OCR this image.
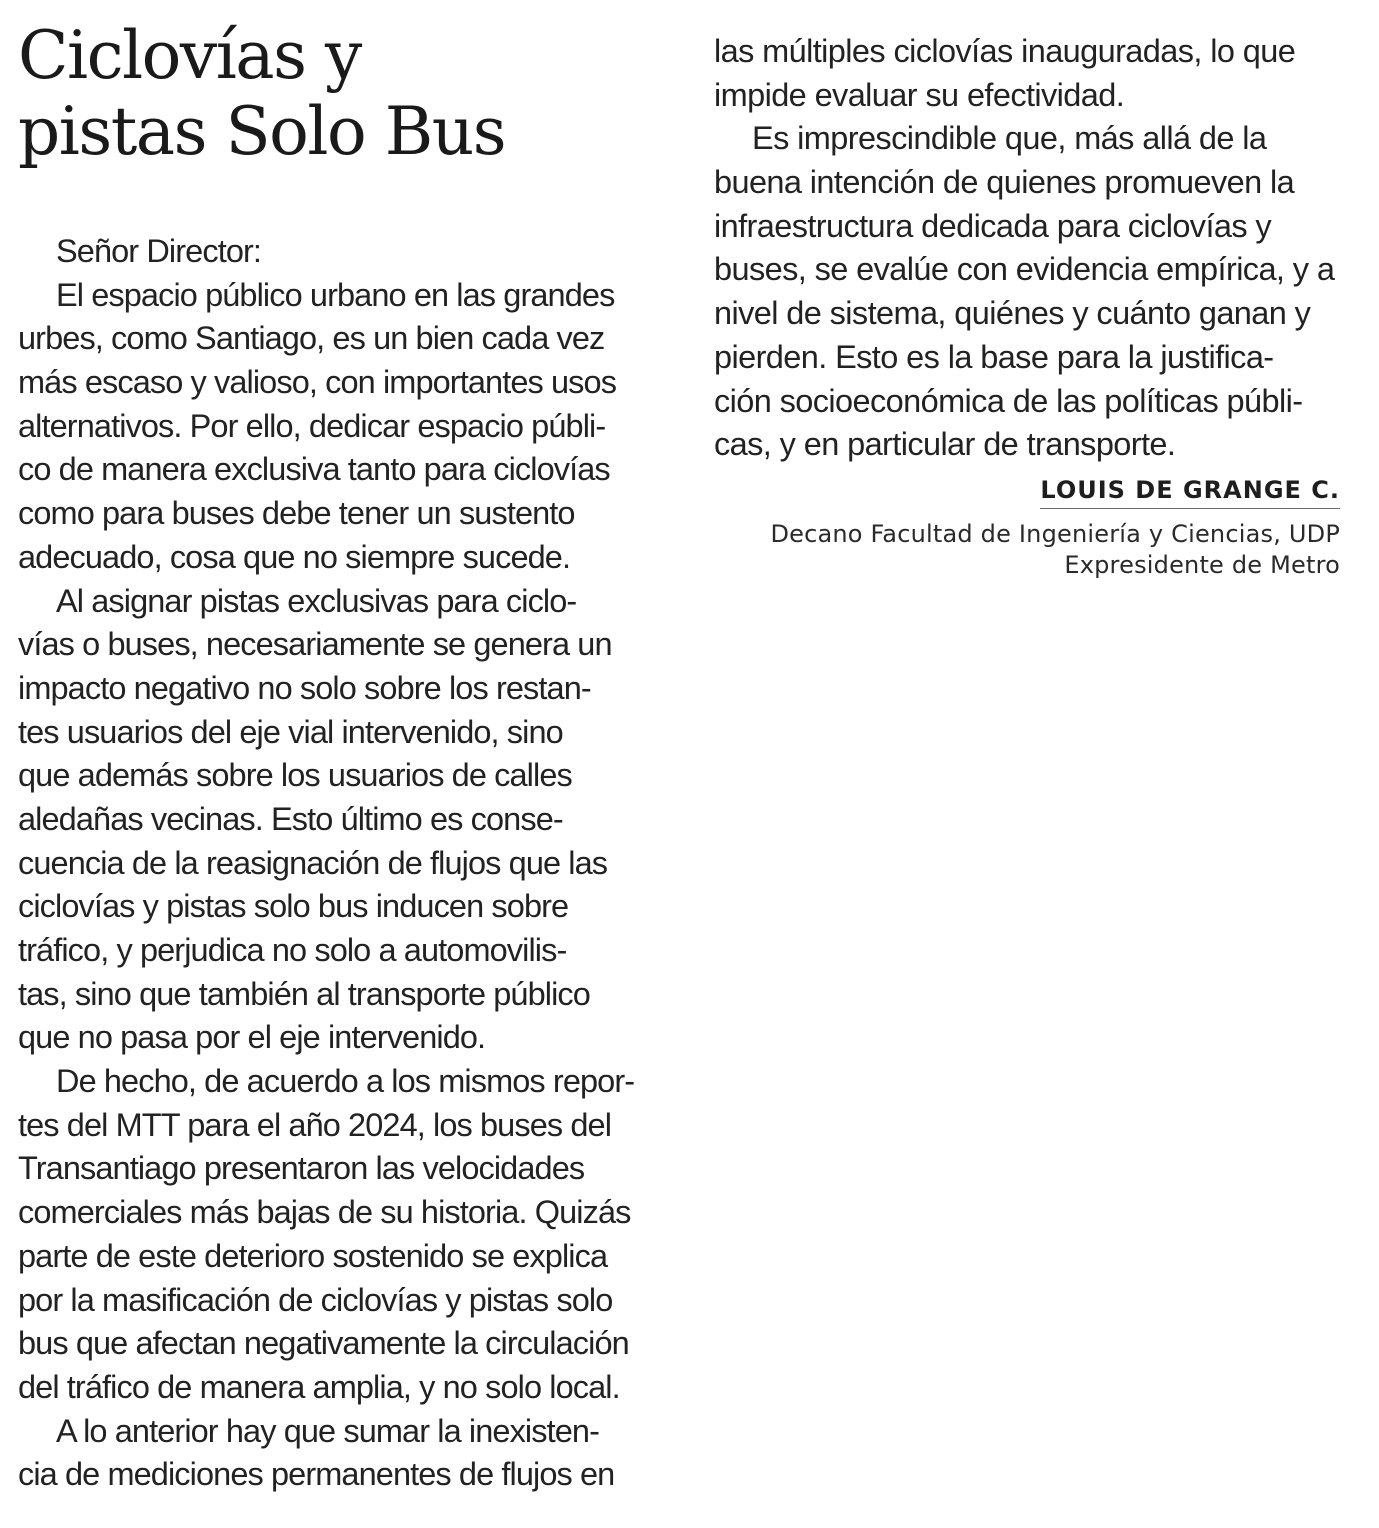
Ciclovías y
pistas Solo Bus
Señor Director:
El espacio público urbano en las grandes
urbes, como Santiago, es un bien cada vez
más escaso y valioso, con importantes usos
alternativos. Por ello, dedicar espacio públi-
co de manera exclusiva tanto para ciclovías
como para buses debe tener un sustento
adecuado, cosa que no siempre sucede.
Al asignar pistas exclusivas para ciclo-
vías o buses, necesariamente se genera un
impacto negativo no solo sobre los restan-
tes usuarios del eje vial intervenido, sino
que además sobre los usuarios de calles
aledañas vecinas. Esto último es conse-
cuencia de la reasignación de flujos que las
ciclovías y pistas solo bus inducen sobre
tráfico, y perjudica no solo a automovilis-
tas, sino que también al transporte público
que no pasa por el eje intervenido.
De hecho, de acuerdo a los mismos repor-
tes del MTT para el año 2024, los buses del
Transantiago presentaron las velocidades
comerciales más bajas de su historia. Quizás
parte de este deterioro sostenido se explica
por la masificación de ciclovías y pistas solo
bus que afectan negativamente la circulación
del tráfico de manera amplia, y no solo local.
A lo anterior hay que sumar la inexisten-
cia de mediciones permanentes de flujos en
las múltiples ciclovías inauguradas, lo que
impide evaluar su efectividad.
Es imprescindible que, más allá de la
buena intención de quienes promueven la
infraestructura dedicada para ciclovías y
buses, se evalúe con evidencia empírica, y a
nivel de sistema, quiénes y cuánto ganan y
pierden. Esto es la base para la justifica-
ción socioeconómica de las políticas públi-
cas, y en particular de transporte.
LOUIS DE GRANGE C.
Decano Facultad de Ingeniería y Ciencias, UDP
Expresidente de Metro
